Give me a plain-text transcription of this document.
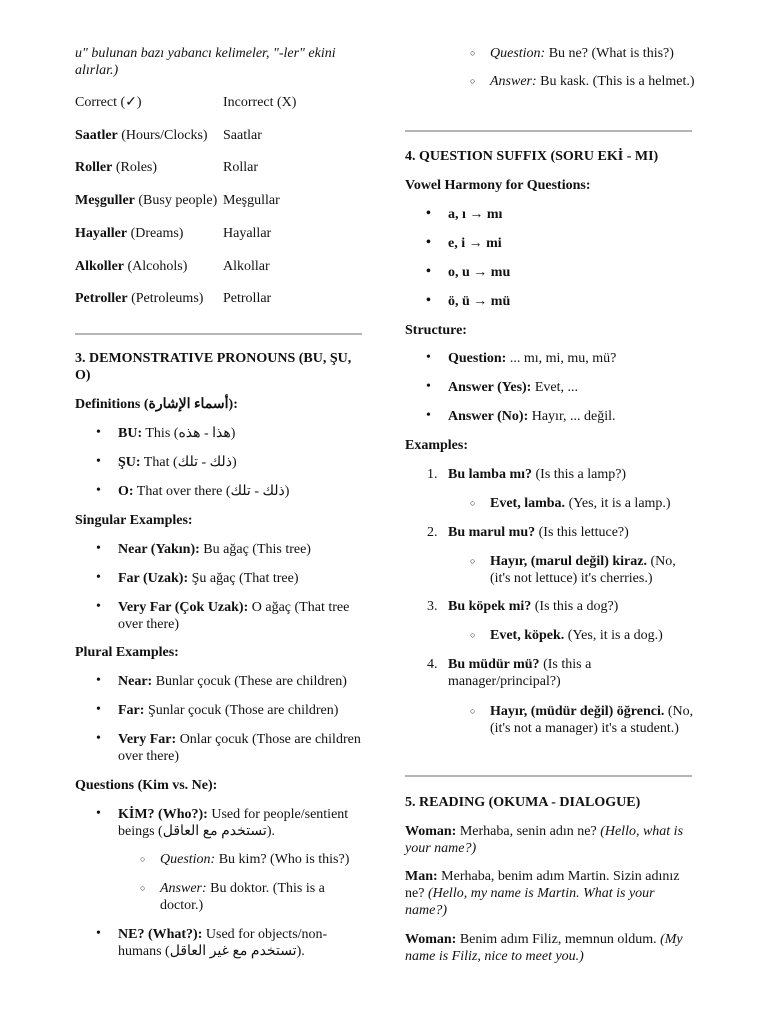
u" bulunan bazı yabancı kelimeler, "-ler" ekini alırlar.)
Correct (✓)	Incorrect (X)
Saatler (Hours/Clocks) Saatlar
Roller (Roles)	Rollar
Meşguller (Busy people) Meşgullar
Hayaller (Dreams)	Hayallar
Alkoller (Alcohols)	Alkollar
Petroller (Petroleums) Petrollar
3. DEMONSTRATIVE PRONOUNS (BU, ŞU, O)
Definitions (أسماء الإشارة):
• BU: This (هذا - هذه)
• ŞU: That (ذلك - تلك)
• O: That over there (ذلك - تلك)
Singular Examples:
• Near (Yakın): Bu ağaç (This tree)
• Far (Uzak): Şu ağaç (That tree)
• Very Far (Çok Uzak): O ağaç (That tree over there)
Plural Examples:
• Near: Bunlar çocuk (These are children)
• Far: Şunlar çocuk (Those are children)
• Very Far: Onlar çocuk (Those are children over there)
Questions (Kim vs. Ne):
• KİM? (Who?): Used for people/sentient beings (تستخدم مع العاقل).
○ Question: Bu kim? (Who is this?)
○ Answer: Bu doktor. (This is a doctor.)
• NE? (What?): Used for objects/non-humans (تستخدم مع غير العاقل).
○ Question: Bu ne? (What is this?)
○ Answer: Bu kask. (This is a helmet.)
4. QUESTION SUFFIX (SORU EKİ - MI)
Vowel Harmony for Questions:
• a, ı → mı
• e, i → mi
• o, u → mu
• ö, ü → mü
Structure:
• Question: ... mı, mi, mu, mü?
• Answer (Yes): Evet, ...
• Answer (No): Hayır, ... değil.
Examples:
1. Bu lamba mı? (Is this a lamp?)
○ Evet, lamba. (Yes, it is a lamp.)
2. Bu marul mu? (Is this lettuce?)
○ Hayır, (marul değil) kiraz. (No, (it's not lettuce) it's cherries.)
3. Bu köpek mi? (Is this a dog?)
○ Evet, köpek. (Yes, it is a dog.)
4. Bu müdür mü? (Is this a manager/principal?)
○ Hayır, (müdür değil) öğrenci. (No, (it's not a manager) it's a student.)
5. READING (OKUMA - DIALOGUE)
Woman: Merhaba, senin adın ne? (Hello, what is your name?)
Man: Merhaba, benim adım Martin. Sizin adınız ne? (Hello, my name is Martin. What is your name?)
Woman: Benim adım Filiz, memnun oldum. (My name is Filiz, nice to meet you.)
